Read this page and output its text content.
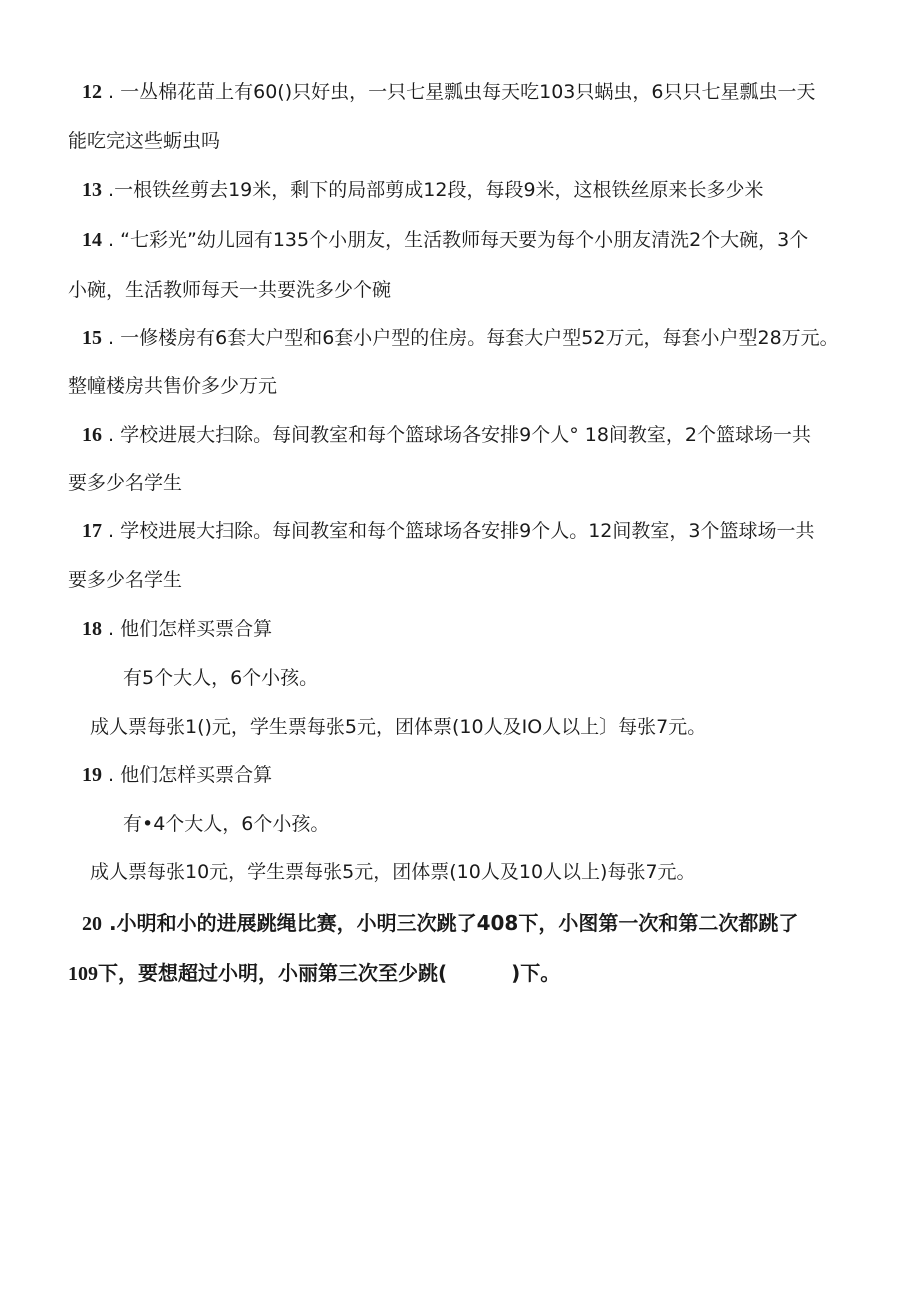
12 . 一丛棉花苗上有60()只好虫，一只七星瓢虫每天吃103只蜗虫，6只只七星瓢虫一天
能吃完这些蛎虫吗
13 .一根铁丝剪去19米，剩下的局部剪成12段，每段9米，这根铁丝原来长多少米
14 . “七彩光”幼儿园有135个小朋友，生活教师每天要为每个小朋友清洗2个大碗，3个
小碗，生活教师每天一共要洗多少个碗
15 . 一修楼房有6套大户型和6套小户型的住房。每套大户型52万元，每套小户型28万元。
整幢楼房共售价多少万元
16 . 学校进展大扫除。每间教室和每个篮球场各安排9个人° 18间教室，2个篮球场一共
要多少名学生
17 . 学校进展大扫除。每间教室和每个篮球场各安排9个人。12间教室，3个篮球场一共
要多少名学生
18 . 他们怎样买票合算
有5个大人，6个小孩。
成人票每张1()元，学生票每张5元，团体票(10人及IO人以上〕每张7元。
19 . 他们怎样买票合算
有•4个大人，6个小孩。
成人票每张10元，学生票每张5元，团体票(10人及10人以上)每张7元。
20 .小明和小的进展跳绳比赛，小明三次跳了408下，小图第一次和第二次都跳了
109下，要想超过小明，小丽第三次至少跳(	)下。
